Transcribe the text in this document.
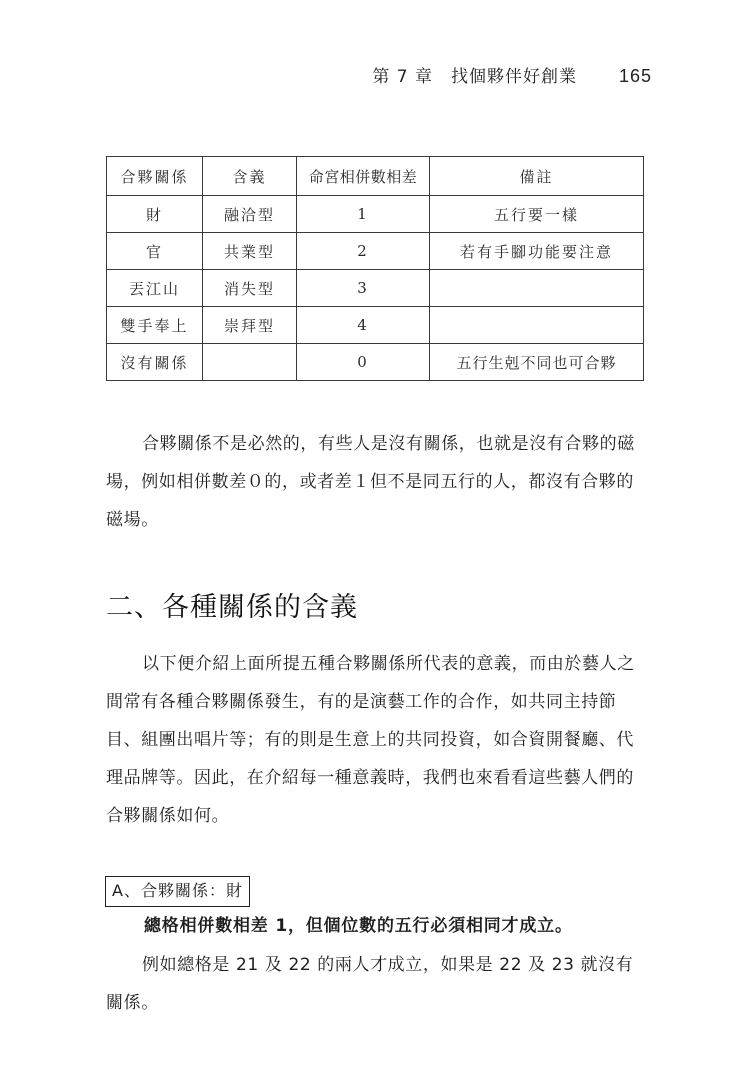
第 7 章　找個夥伴好創業 165
合夥關係	含義	命宮相併數相差	備註
財	融洽型	1	五行要一樣
官	共業型	2	若有手腳功能要注意
丟江山	消失型	3	
雙手奉上	崇拜型	4	
沒有關係		0	五行生剋不同也可合夥

合夥關係不是必然的，有些人是沒有關係，也就是沒有合夥的磁場，例如相併數差０的，或者差１但不是同五行的人，都沒有合夥的磁場。

二、各種關係的含義

以下便介紹上面所提五種合夥關係所代表的意義，而由於藝人之間常有各種合夥關係發生，有的是演藝工作的合作，如共同主持節目、組團出唱片等；有的則是生意上的共同投資，如合資開餐廳、代理品牌等。因此，在介紹每一種意義時，我們也來看看這些藝人們的合夥關係如何。

A、合夥關係：財

總格相併數相差 1，但個位數的五行必須相同才成立。

例如總格是 21 及 22 的兩人才成立，如果是 22 及 23 就沒有關係。
